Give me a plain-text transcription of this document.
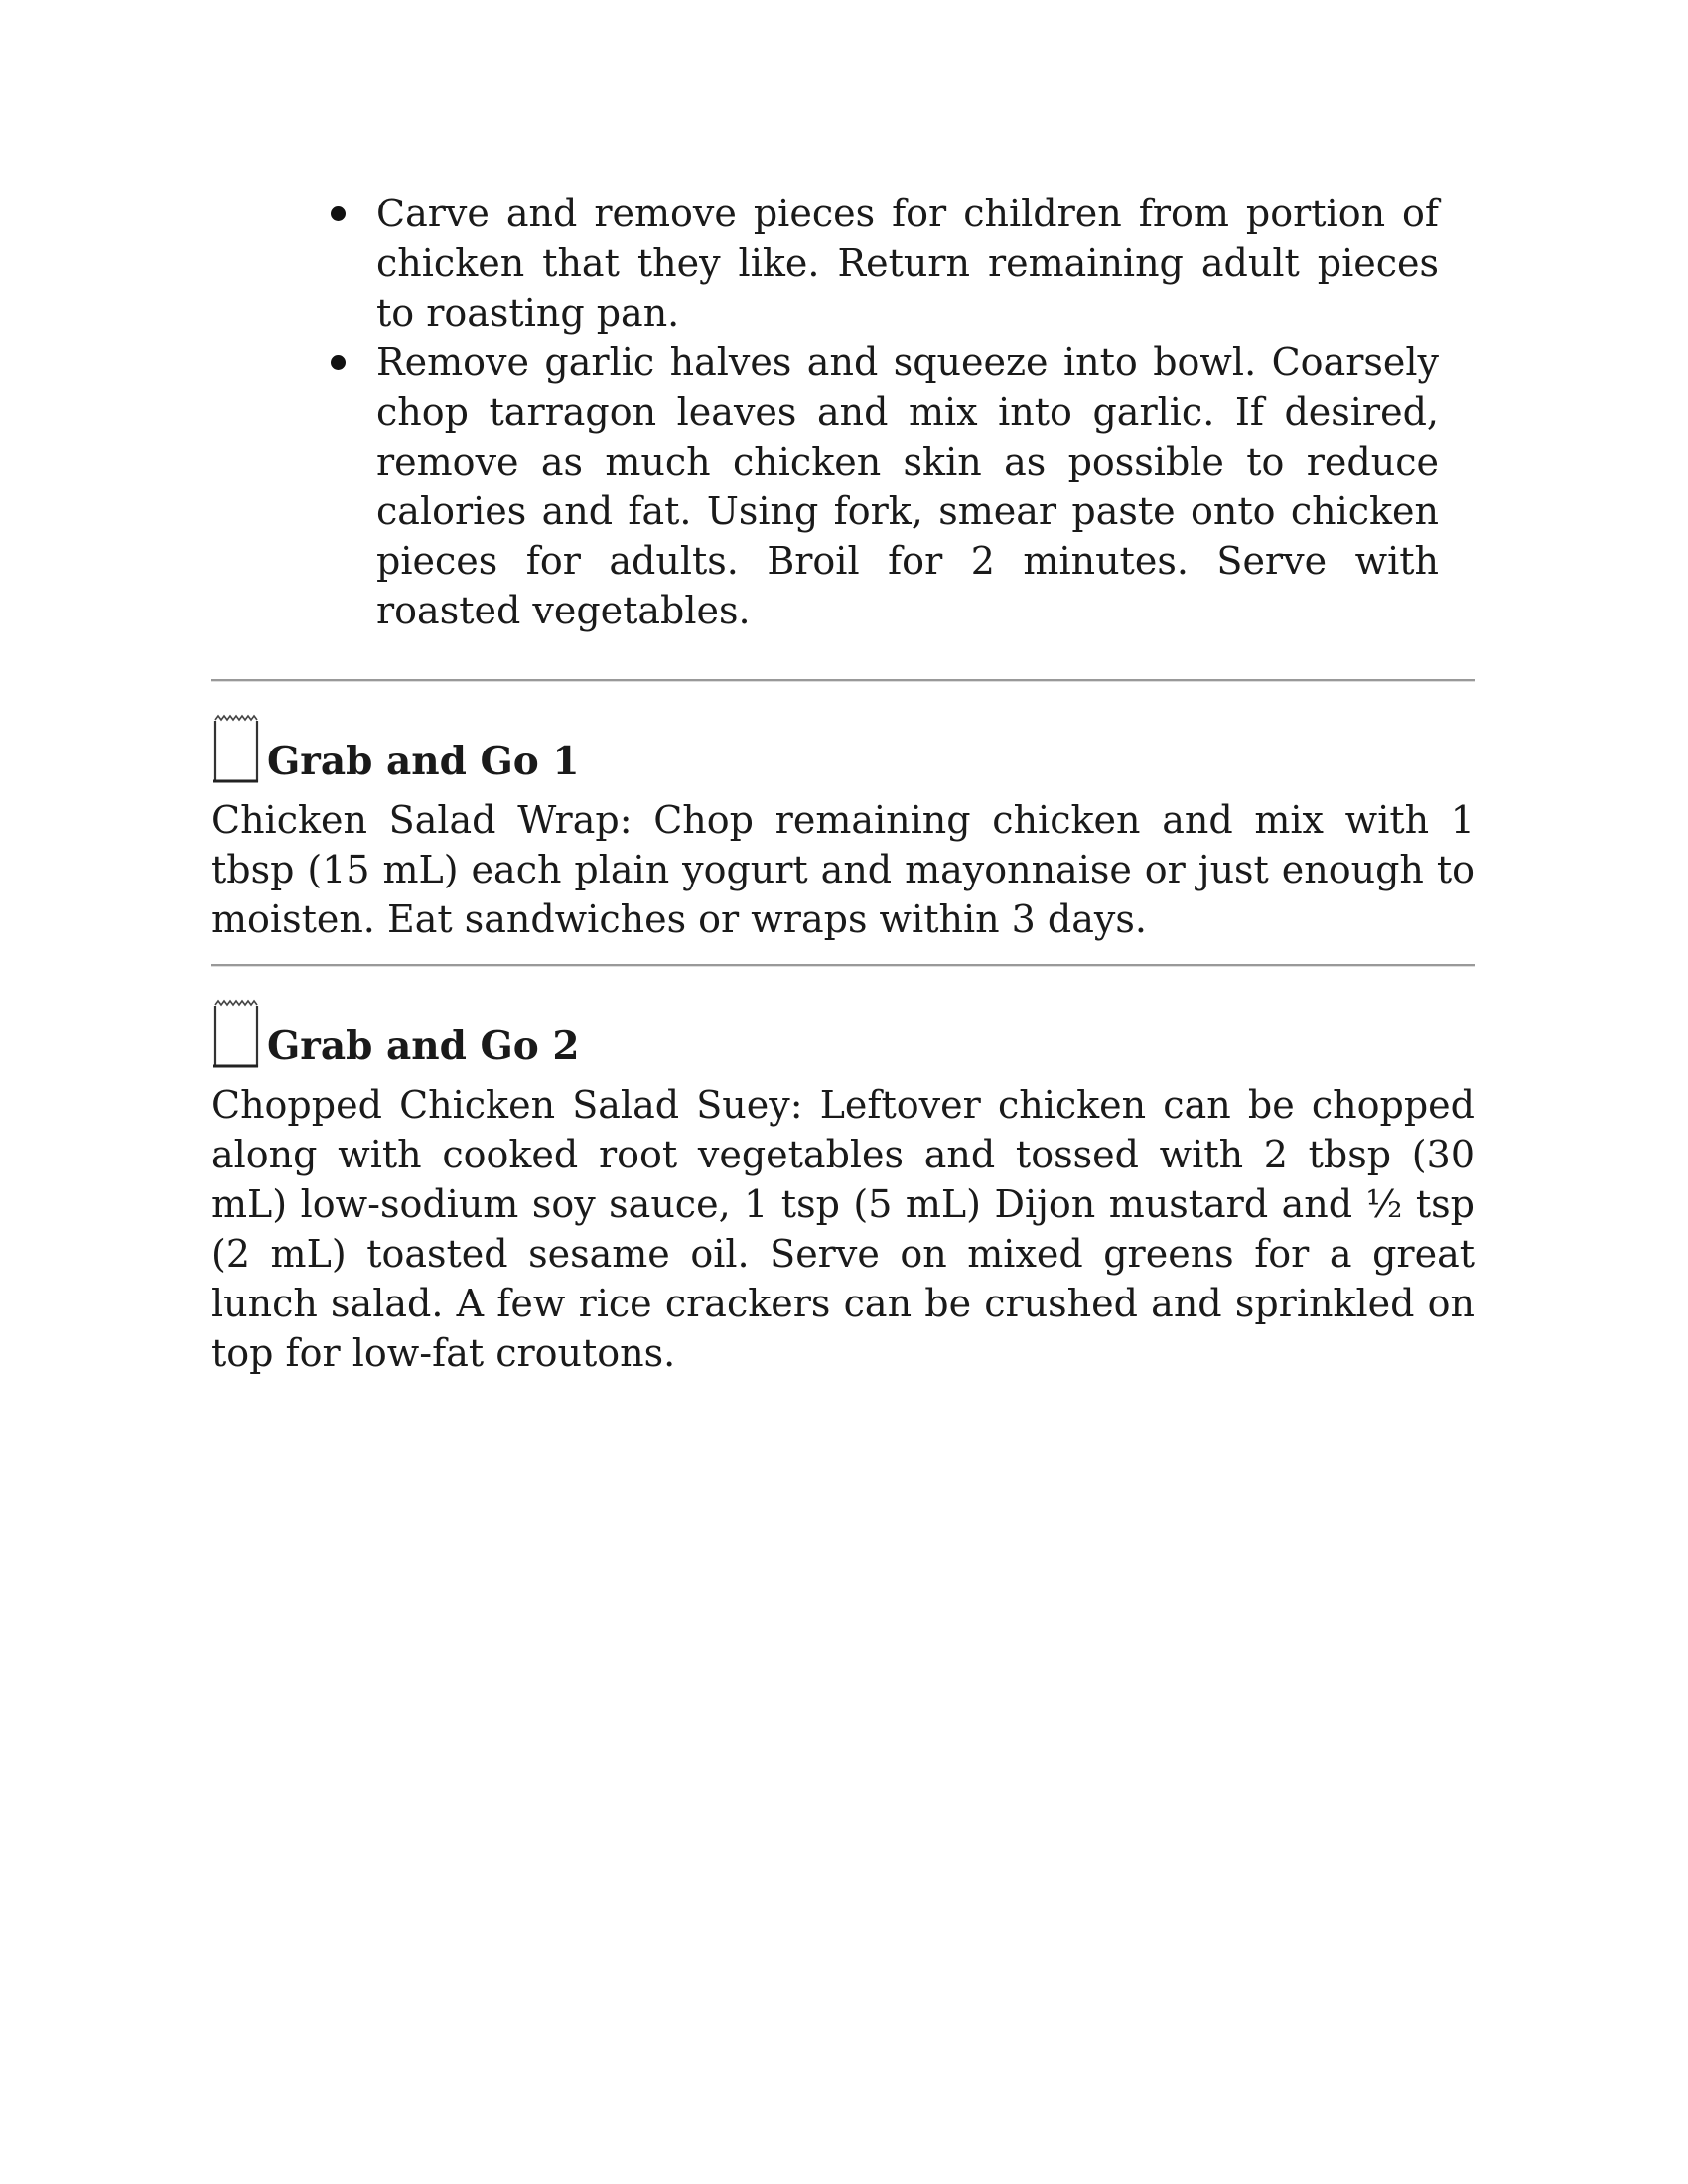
Carve and remove pieces for children from portion of chicken that they like. Return remaining adult pieces to roasting pan.
Remove garlic halves and squeeze into bowl. Coarsely chop tarragon leaves and mix into garlic. If desired, remove as much chicken skin as possible to reduce calories and fat. Using fork, smear paste onto chicken pieces for adults. Broil for 2 minutes. Serve with roasted vegetables.
Grab and Go 1
Chicken Salad Wrap: Chop remaining chicken and mix with 1 tbsp (15 mL) each plain yogurt and mayonnaise or just enough to moisten. Eat sandwiches or wraps within 3 days.
Grab and Go 2
Chopped Chicken Salad Suey: Leftover chicken can be chopped along with cooked root vegetables and tossed with 2 tbsp (30 mL) low-sodium soy sauce, 1 tsp (5 mL) Dijon mustard and ½ tsp (2 mL) toasted sesame oil. Serve on mixed greens for a great lunch salad. A few rice crackers can be crushed and sprinkled on top for low-fat croutons.
